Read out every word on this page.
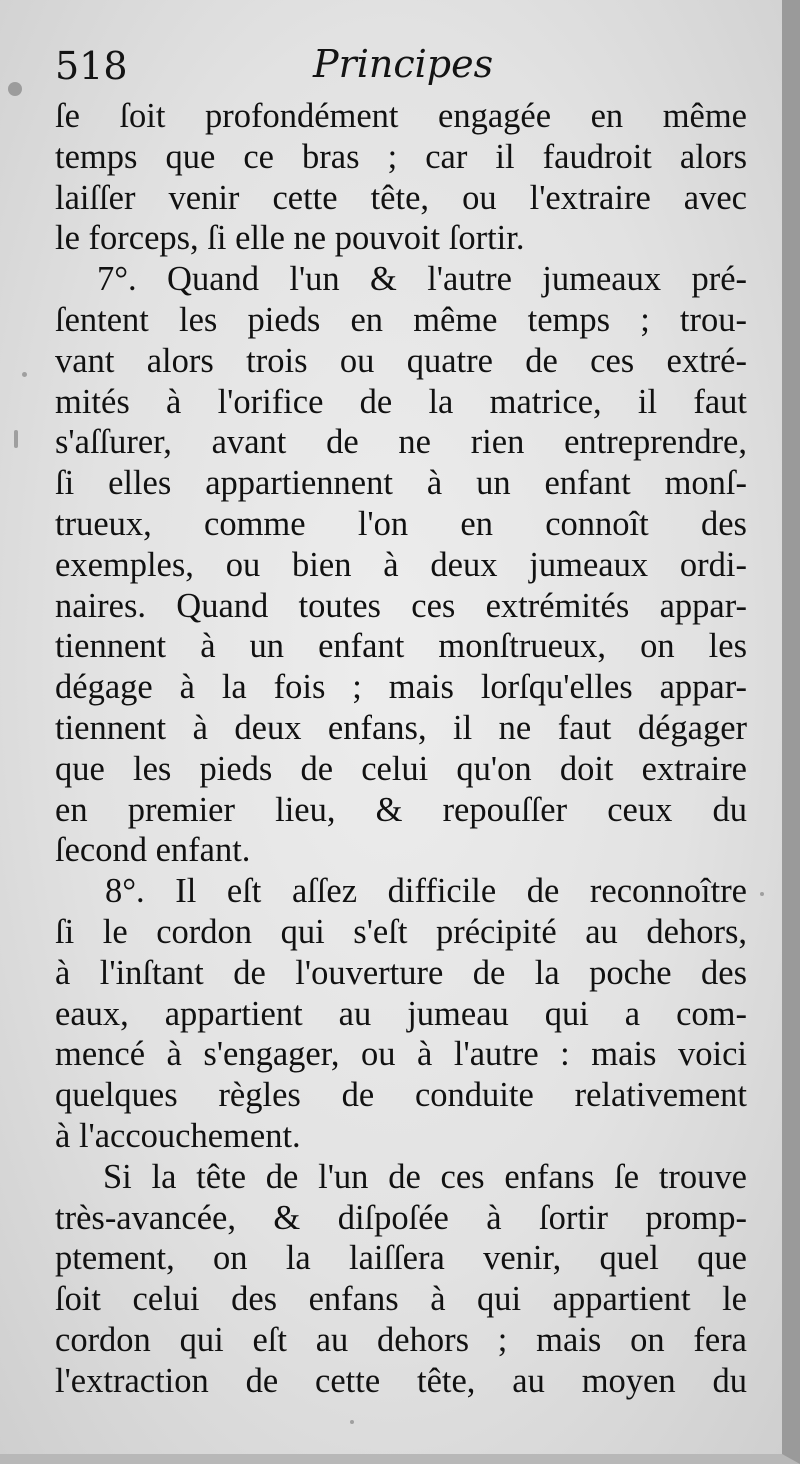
518	Principes
ſe ſoit profondément engagée en même
temps que ce bras ; car il faudroit alors
laiſſer venir cette tête, ou l'extraire avec
le forceps, ſi elle ne pouvoit ſortir.
7°. Quand l'un & l'autre jumeaux pré-
ſentent les pieds en même temps ; trou-
vant alors trois ou quatre de ces extré-
mités à l'orifice de la matrice, il faut
s'aſſurer, avant de ne rien entreprendre,
ſi elles appartiennent à un enfant monſ-
trueux, comme l'on en connoît des
exemples, ou bien à deux jumeaux ordi-
naires. Quand toutes ces extrémités appar-
tiennent à un enfant monſtrueux, on les
dégage à la fois ; mais lorſqu'elles appar-
tiennent à deux enfans, il ne faut dégager
que les pieds de celui qu'on doit extraire
en premier lieu, & repouſſer ceux du
ſecond enfant.
8°. Il eſt aſſez difficile de reconnoître
ſi le cordon qui s'eſt précipité au dehors,
à l'inſtant de l'ouverture de la poche des
eaux, appartient au jumeau qui a com-
mencé à s'engager, ou à l'autre : mais voici
quelques règles de conduite relativement
à l'accouchement.
Si la tête de l'un de ces enfans ſe trouve
très-avancée, & diſpoſée à ſortir promp-
ptement, on la laiſſera venir, quel que
ſoit celui des enfans à qui appartient le
cordon qui eſt au dehors ; mais on fera
l'extraction de cette tête, au moyen du
